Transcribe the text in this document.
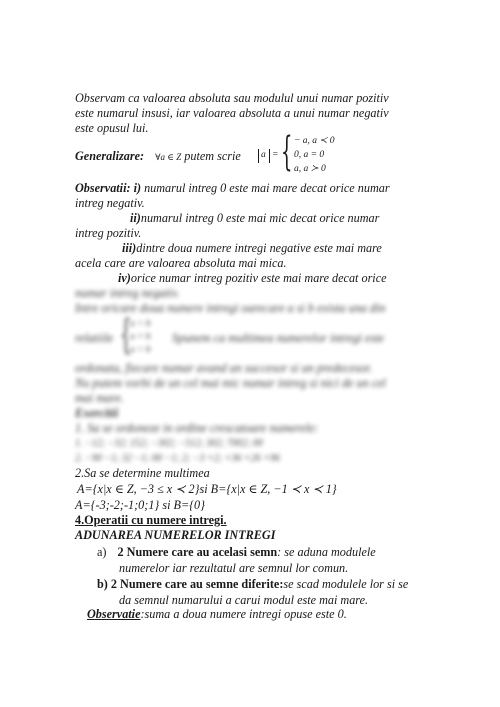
Observam ca valoarea absoluta sau modulul unui numar pozitiv
este numarul insusi, iar valoarea absoluta a unui numar negativ
este opusul lui.
Generalizare: ∀a ∈ Z putem scrie a = { − a, a ≺ 0
0, a = 0
a, a ≻ 0
Observatii: i) numarul intreg 0 este mai mare decat orice numar
intreg negativ.
ii)numarul intreg 0 este mai mic decat orice numar
intreg pozitiv.
iii)dintre doua numere intregi negative este mai mare
acela care are valoarea absoluta mai mica.
iv)orice numar intreg pozitiv este mai mare decat orice
numar intreg negativ.
Intre oricare doua numere intregi oarecare a si b exista una din
relatiile {
a < b
a = b
a > b
Spunem ca multimea numerelor intregi este
ordonata, fiecare numar avand un succesor si un predecesor.
Nu putem vorbi de un cel mai mic numar intreg si nici de un cel
mai mare.
Exercitii
1. Sa se ordoneze in ordine crescatoare numerele:
1. −12; −32; 152; −302; −512; 302; 7002; 00
2. −90 −1; 32 −1; 00 −1; 2; −3 +2; +36 +26 +96
2.Sa se determine multimea
A={x|x ∈ Z, −3 ≤ x ≺ 2}si B={x|x ∈ Z, −1 ≺ x ≺ 1}
A={-3;-2;-1;0;1} si B={0}
4.Operatii cu numere intregi.
ADUNAREA NUMERELOR INTREGI
a) 2 Numere care au acelasi semn: se aduna modulele
numerelor iar rezultatul are semnul lor comun.
b) 2 Numere care au semne diferite:se scad modulele lor si se
da semnul numarului a carui modul este mai mare.
Observatie:suma a doua numere intregi opuse este 0.
